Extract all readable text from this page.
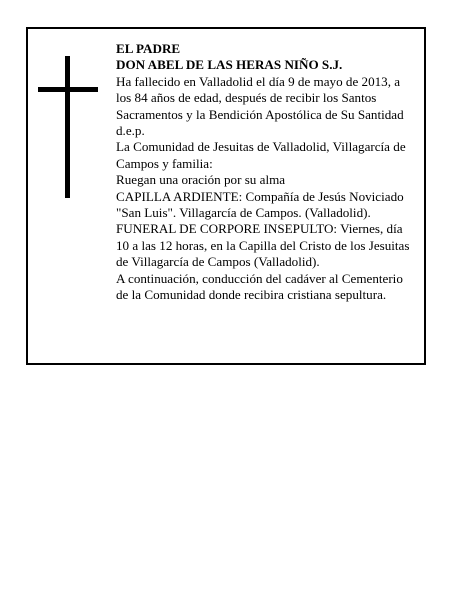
EL PADRE
DON ABEL DE LAS HERAS NIÑO S.J.
Ha fallecido en Valladolid el día 9 de mayo de 2013, a
los 84 años de edad, después de recibir los Santos
Sacramentos y la Bendición Apostólica de Su Santidad
d.e.p.
La Comunidad de Jesuitas de Valladolid, Villagarcía de
Campos y familia:
Ruegan una oración por su alma
CAPILLA ARDIENTE: Compañía de Jesús Noviciado
"San Luis". Villagarcía de Campos. (Valladolid).
FUNERAL DE CORPORE INSEPULTO: Viernes, día
10 a las 12 horas, en la Capilla del Cristo de los Jesuitas
de Villagarcía de Campos (Valladolid).
A continuación, conducción del cadáver al Cementerio
de la Comunidad donde recibira cristiana sepultura.
